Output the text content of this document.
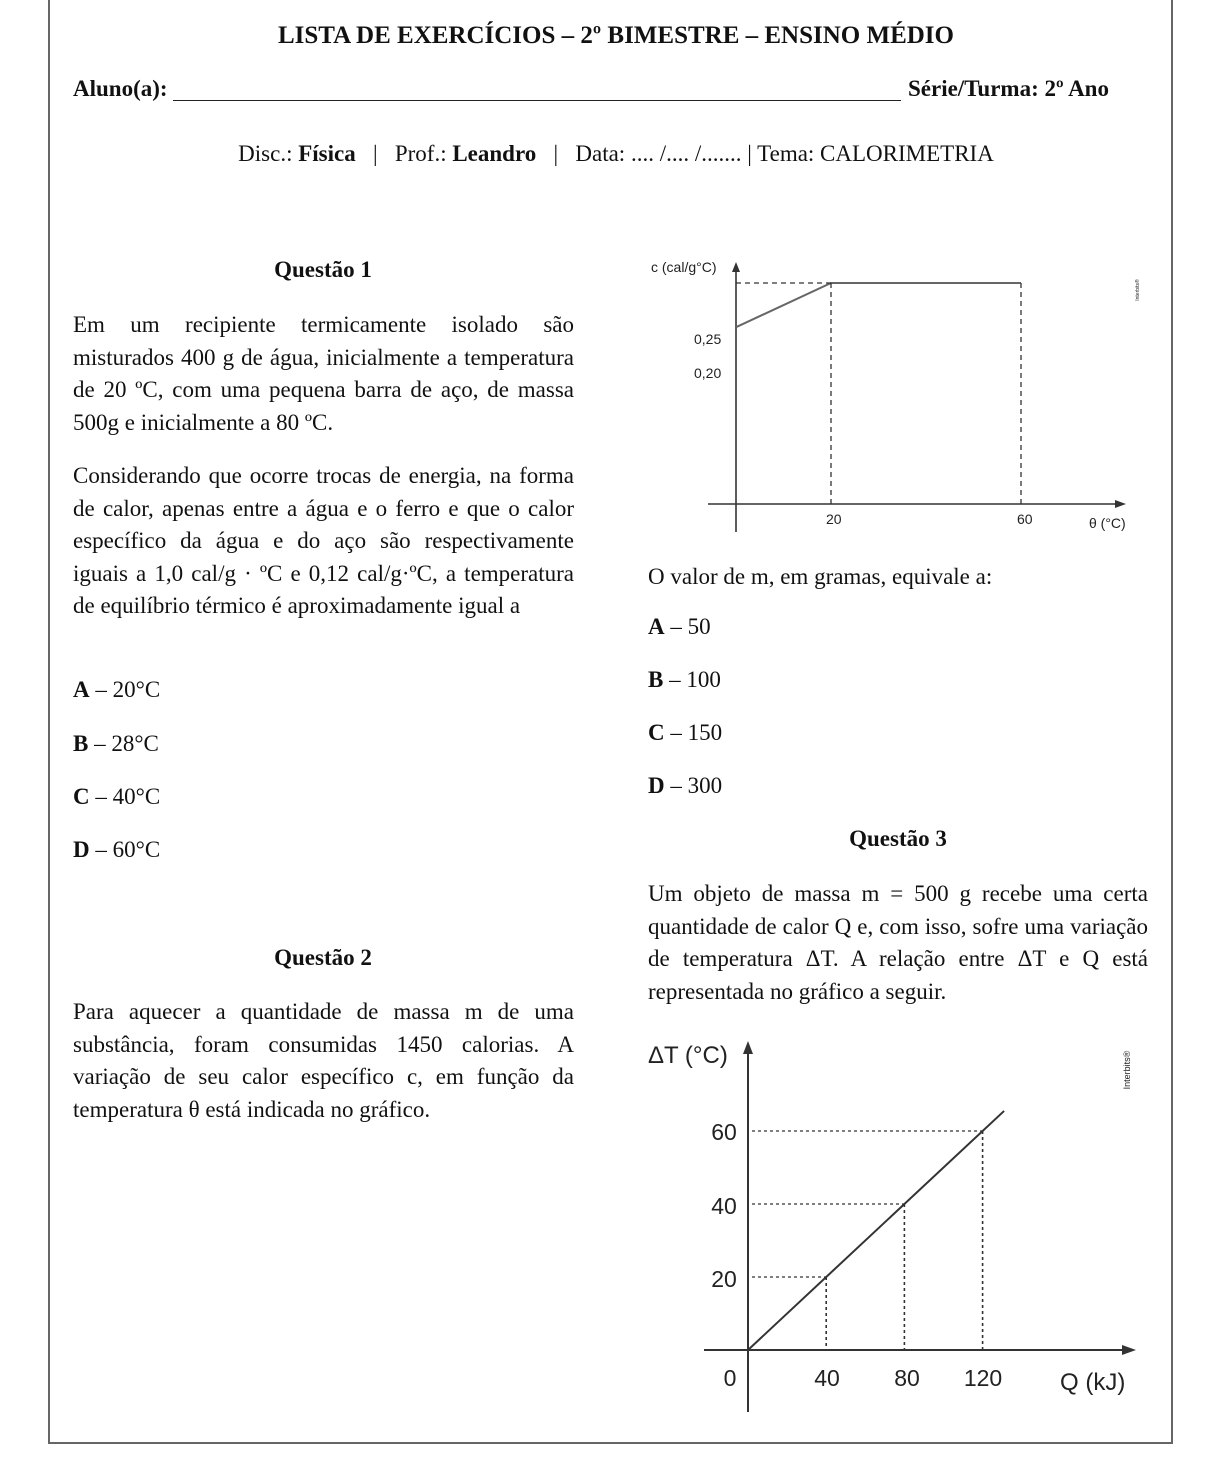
LISTA DE EXERCÍCIOS – 2º BIMESTRE – ENSINO MÉDIO
Aluno(a):	Série/Turma: 2º Ano
Disc.: Física | Prof.: Leandro | Data: .... /.... /....... | Tema: CALORIMETRIA
Questão 1
Em um recipiente termicamente isolado são misturados 400 g de água, inicialmente a temperatura de 20 ºC, com uma pequena barra de aço, de massa 500g e inicialmente a 80 ºC.
Considerando que ocorre trocas de energia, na forma de calor, apenas entre a água e o ferro e que o calor específico da água e do aço são respectivamente iguais a 1,0 cal/g · ºC e 0,12 cal/g·ºC, a temperatura de equilíbrio térmico é aproximadamente igual a
A – 20°C
B – 28°C
C – 40°C
D – 60°C
Questão 2
Para aquecer a quantidade de massa m de uma substância, foram consumidas 1450 calorias. A variação de seu calor específico c, em função da temperatura θ está indicada no gráfico.
c (cal/g°C)
θ (°C)
0,25
0,20
20	60
Interbits®
O valor de m, em gramas, equivale a:
A – 50
B – 100
C – 150
D – 300
Questão 3
Um objeto de massa m = 500 g recebe uma certa quantidade de calor Q e, com isso, sofre uma variação de temperatura ΔT. A relação entre ΔT e Q está representada no gráfico a seguir.
ΔT (°C)
Q (kJ)
60
40
20
0	40 80 120
Interbits®
